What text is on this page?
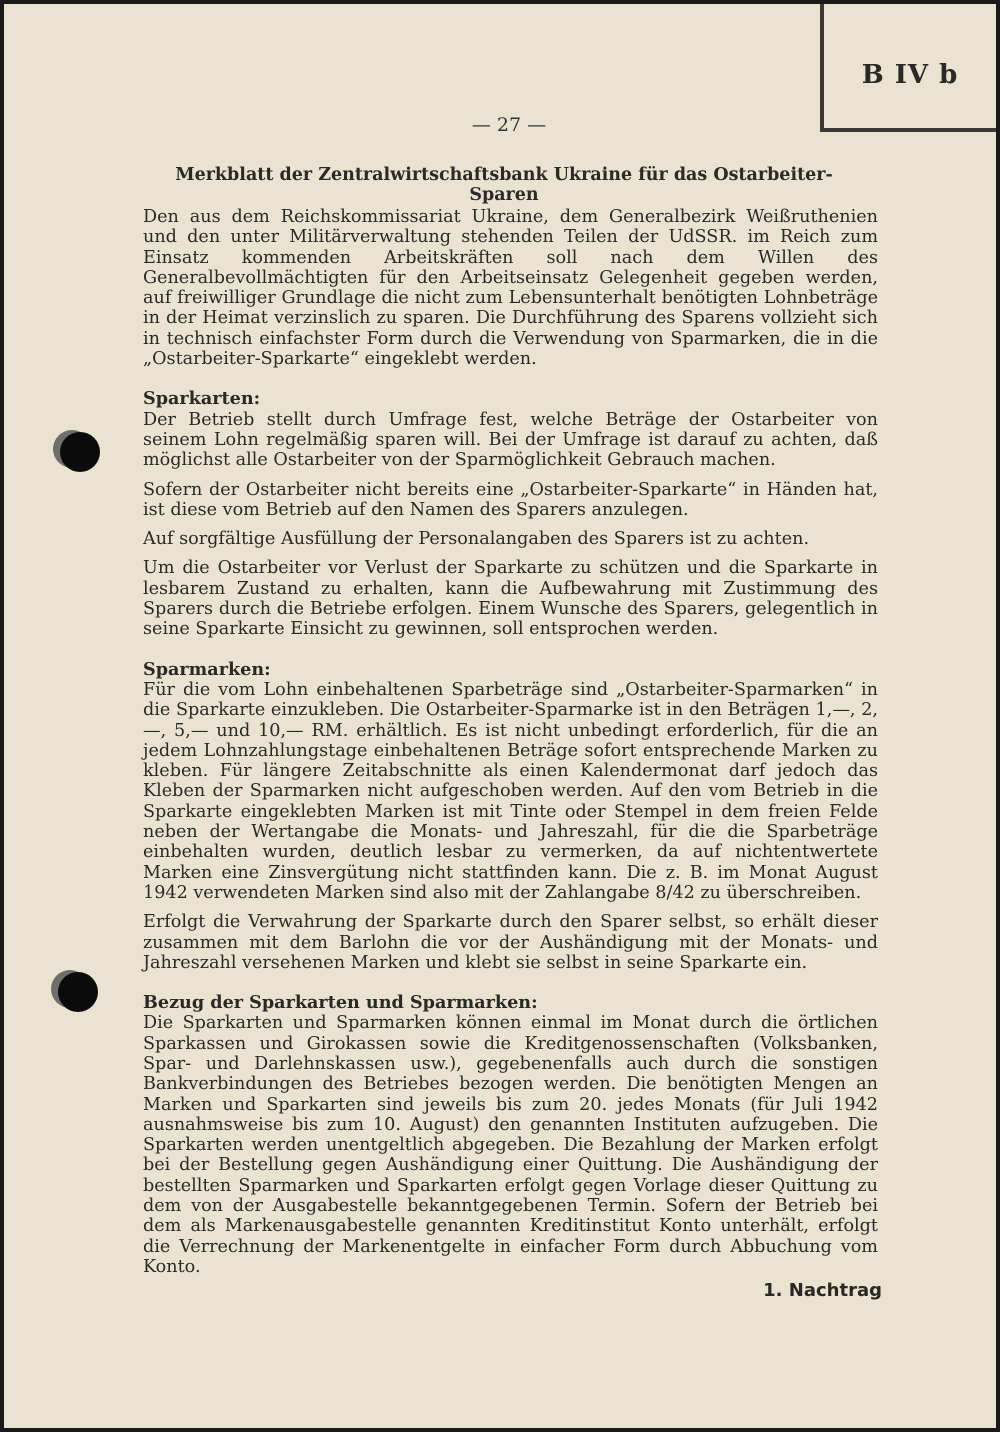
B IV b
— 27 —
Merkblatt der Zentralwirtschaftsbank Ukraine für das Ostarbeiter-Sparen

Den aus dem Reichskommissariat Ukraine, dem Generalbezirk Weißruthenien und den unter Militärverwaltung stehenden Teilen der UdSSR. im Reich zum Einsatz kommenden Arbeitskräften soll nach dem Willen des Generalbevollmächtigten für den Arbeitseinsatz Gelegenheit gegeben werden, auf freiwilliger Grundlage die nicht zum Lebensunterhalt benötigten Lohnbeträge in der Heimat verzinslich zu sparen. Die Durchführung des Sparens vollzieht sich in technisch einfachster Form durch die Verwendung von Sparmarken, die in die „Ostarbeiter-Sparkarte“ eingeklebt werden.

Sparkarten:

Der Betrieb stellt durch Umfrage fest, welche Beträge der Ostarbeiter von seinem Lohn regelmäßig sparen will. Bei der Umfrage ist darauf zu achten, daß möglichst alle Ostarbeiter von der Sparmöglichkeit Gebrauch machen.

Sofern der Ostarbeiter nicht bereits eine „Ostarbeiter-Sparkarte“ in Händen hat, ist diese vom Betrieb auf den Namen des Sparers anzulegen.

Auf sorgfältige Ausfüllung der Personalangaben des Sparers ist zu achten.

Um die Ostarbeiter vor Verlust der Sparkarte zu schützen und die Sparkarte in lesbarem Zustand zu erhalten, kann die Aufbewahrung mit Zustimmung des Sparers durch die Betriebe erfolgen. Einem Wunsche des Sparers, gelegentlich in seine Sparkarte Einsicht zu gewinnen, soll entsprochen werden.

Sparmarken:

Für die vom Lohn einbehaltenen Sparbeträge sind „Ostarbeiter-Sparmarken“ in die Sparkarte einzukleben. Die Ostarbeiter-Sparmarke ist in den Beträgen 1,—, 2,—, 5,— und 10,— RM. erhältlich. Es ist nicht unbedingt erforderlich, für die an jedem Lohnzahlungstage einbehaltenen Beträge sofort entsprechende Marken zu kleben. Für längere Zeitabschnitte als einen Kalendermonat darf jedoch das Kleben der Sparmarken nicht aufgeschoben werden. Auf den vom Betrieb in die Sparkarte eingeklebten Marken ist mit Tinte oder Stempel in dem freien Felde neben der Wertangabe die Monats- und Jahreszahl, für die die Sparbeträge einbehalten wurden, deutlich lesbar zu vermerken, da auf nichtentwertete Marken eine Zinsvergütung nicht stattfinden kann. Die z. B. im Monat August 1942 verwendeten Marken sind also mit der Zahlangabe 8/42 zu überschreiben.

Erfolgt die Verwahrung der Sparkarte durch den Sparer selbst, so erhält dieser zusammen mit dem Barlohn die vor der Aushändigung mit der Monats- und Jahreszahl versehenen Marken und klebt sie selbst in seine Sparkarte ein.

Bezug der Sparkarten und Sparmarken:

Die Sparkarten und Sparmarken können einmal im Monat durch die örtlichen Sparkassen und Girokassen sowie die Kreditgenossenschaften (Volksbanken, Spar- und Darlehnskassen usw.), gegebenenfalls auch durch die sonstigen Bankverbindungen des Betriebes bezogen werden. Die benötigten Mengen an Marken und Sparkarten sind jeweils bis zum 20. jedes Monats (für Juli 1942 ausnahmsweise bis zum 10. August) den genannten Instituten aufzugeben. Die Sparkarten werden unentgeltlich abgegeben. Die Bezahlung der Marken erfolgt bei der Bestellung gegen Aushändigung einer Quittung. Die Aushändigung der bestellten Sparmarken und Sparkarten erfolgt gegen Vorlage dieser Quittung zu dem von der Ausgabestelle bekanntgegebenen Termin. Sofern der Betrieb bei dem als Markenausgabestelle genannten Kreditinstitut Konto unterhält, erfolgt die Verrechnung der Markenentgelte in einfacher Form durch Abbuchung vom Konto.

1. Nachtrag
